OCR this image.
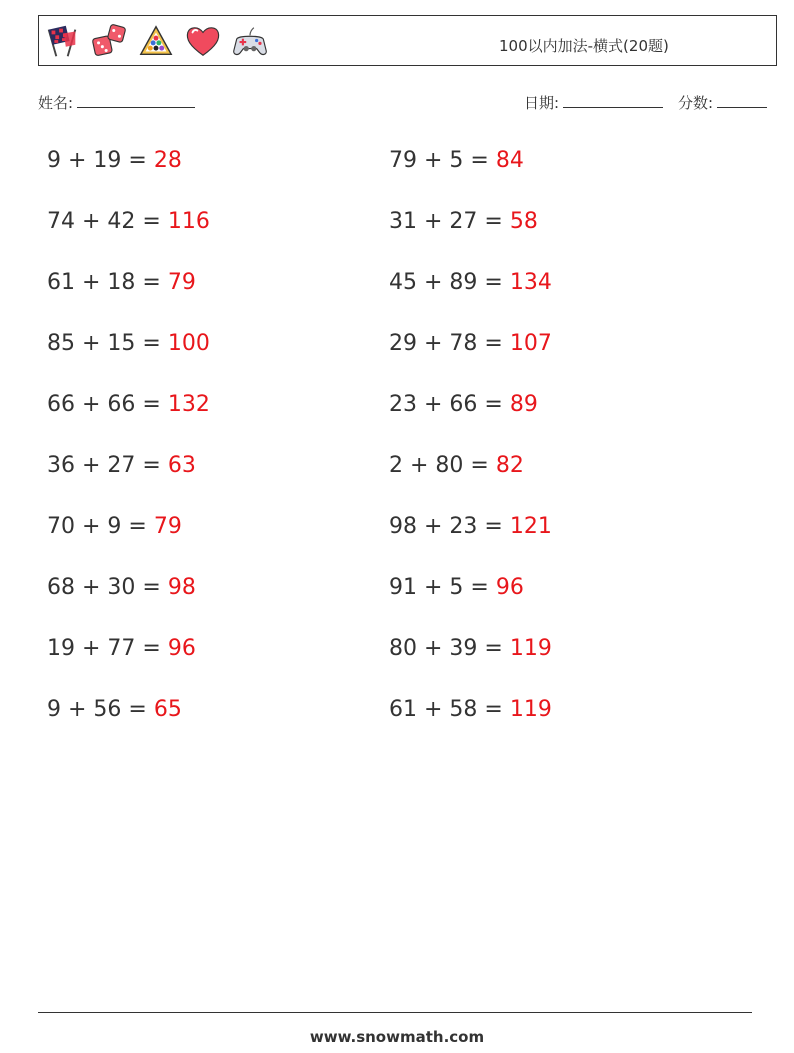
100以内加法-横式(20题)
姓名:	日期:	分数:
9 + 19 = 28	79 + 5 = 84
74 + 42 = 116	31 + 27 = 58
61 + 18 = 79	45 + 89 = 134
85 + 15 = 100	29 + 78 = 107
66 + 66 = 132	23 + 66 = 89
36 + 27 = 63	2 + 80 = 82
70 + 9 = 79	98 + 23 = 121
68 + 30 = 98	91 + 5 = 96
19 + 77 = 96	80 + 39 = 119
9 + 56 = 65	61 + 58 = 119
www.snowmath.com
